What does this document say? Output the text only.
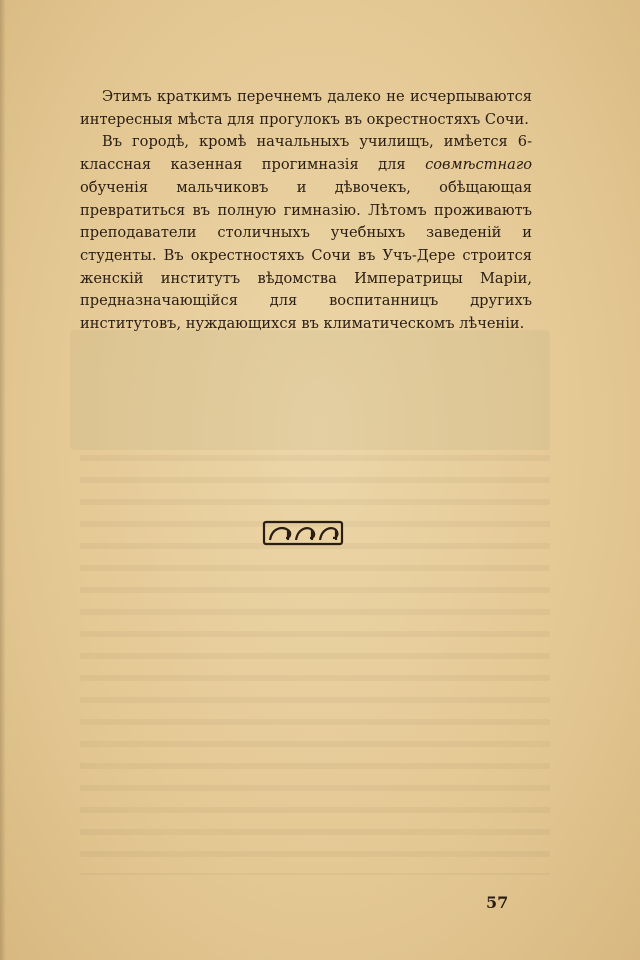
Этимъ краткимъ перечнемъ далеко не исчерпываются интересныя мѣста для прогулокъ въ окрестностяхъ Сочи.

Въ городѣ, кромѣ начальныхъ училищъ, имѣется 6-классная казенная прогимназія для совмѣстнаго обученія мальчиковъ и дѣвочекъ, обѣщающая превратиться въ полную гимназію. Лѣтомъ проживаютъ преподаватели столичныхъ учебныхъ заведеній и студенты. Въ окрестностяхъ Сочи въ Учъ-Дере строится женскій институтъ вѣдомства Императрицы Маріи, предназначающійся для воспитанницъ другихъ институтовъ, нуждающихся въ климатическомъ лѣченіи.

57
